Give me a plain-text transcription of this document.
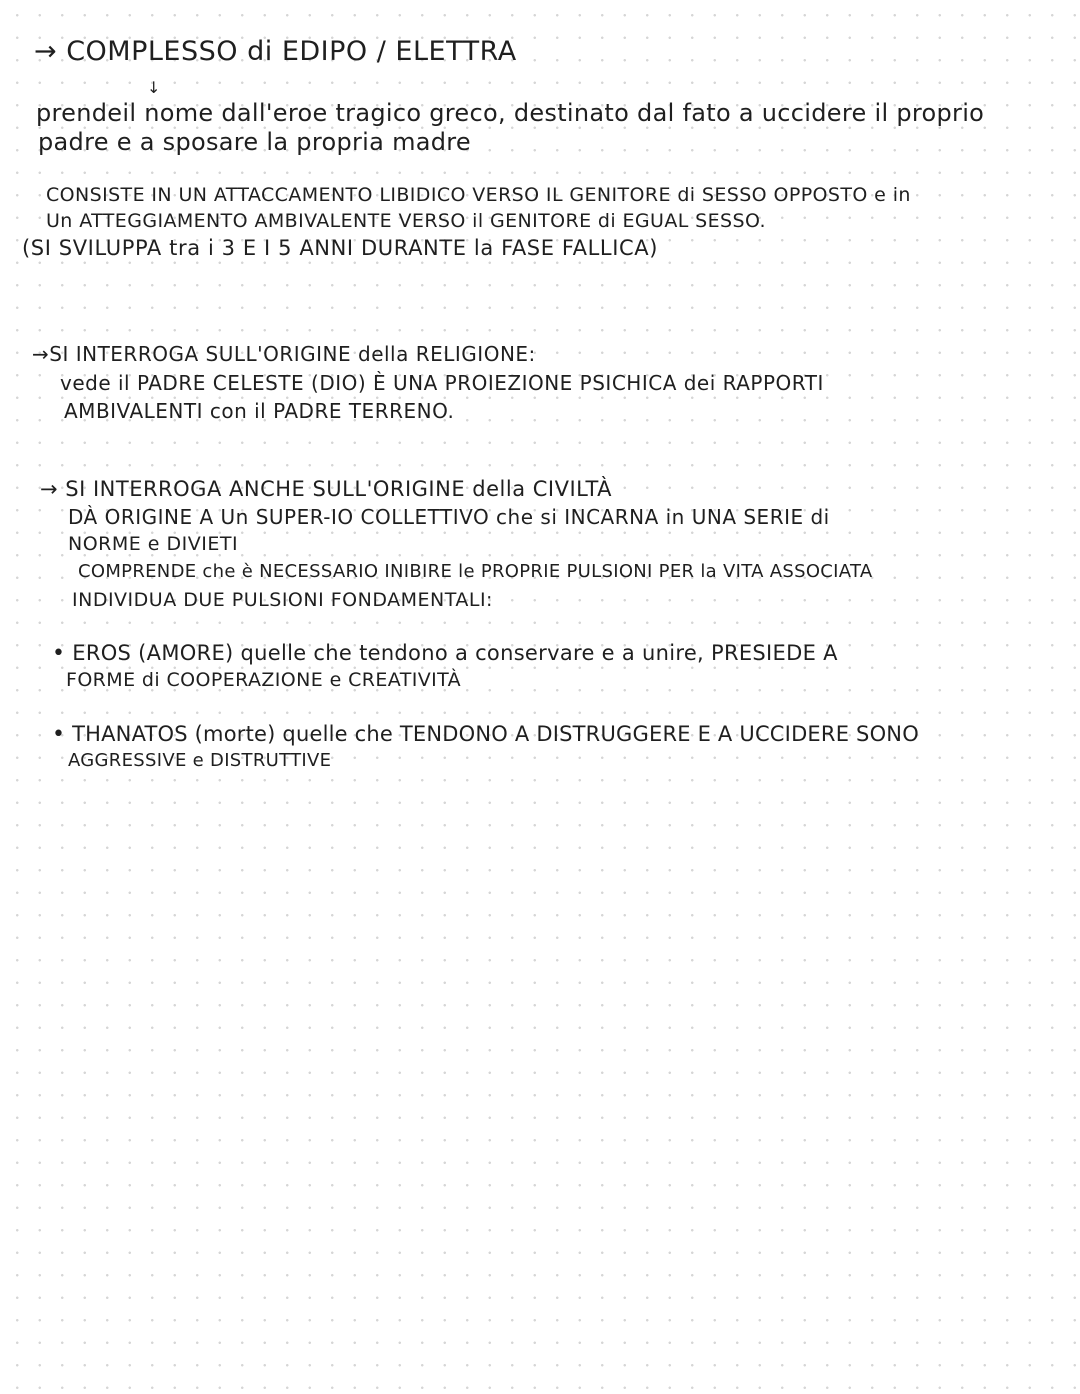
→ COMPLESSO di EDIPO / ELETTRA
↓
prendeil nome dall'eroe tragico greco, destinato dal fato a uccidere il proprio
padre e a sposare la propria madre
CONSISTE IN UN ATTACCAMENTO LIBIDICO VERSO IL GENITORE di SESSO OPPOSTO e in
Un ATTEGGIAMENTO AMBIVALENTE VERSO il GENITORE di EGUAL SESSO.
(SI SVILUPPA tra i 3 E I 5 ANNI DURANTE la FASE FALLICA)
→SI INTERROGA SULL'ORIGINE della RELIGIONE:
vede il PADRE CELESTE (DIO) È UNA PROIEZIONE PSICHICA dei RAPPORTI
AMBIVALENTI con il PADRE TERRENO.
→ SI INTERROGA ANCHE SULL'ORIGINE della CIVILTÀ
DÀ ORIGINE A Un SUPER-IO COLLETTIVO che si INCARNA in UNA SERIE di
NORME e DIVIETI
COMPRENDE che è NECESSARIO INIBIRE le PROPRIE PULSIONI PER la VITA ASSOCIATA
INDIVIDUA DUE PULSIONI FONDAMENTALI:
• EROS (AMORE) quelle che tendono a conservare e a unire, PRESIEDE A
FORME di COOPERAZIONE e CREATIVITÀ
• THANATOS (morte) quelle che TENDONO A DISTRUGGERE E A UCCIDERE SONO
AGGRESSIVE e DISTRUTTIVE
